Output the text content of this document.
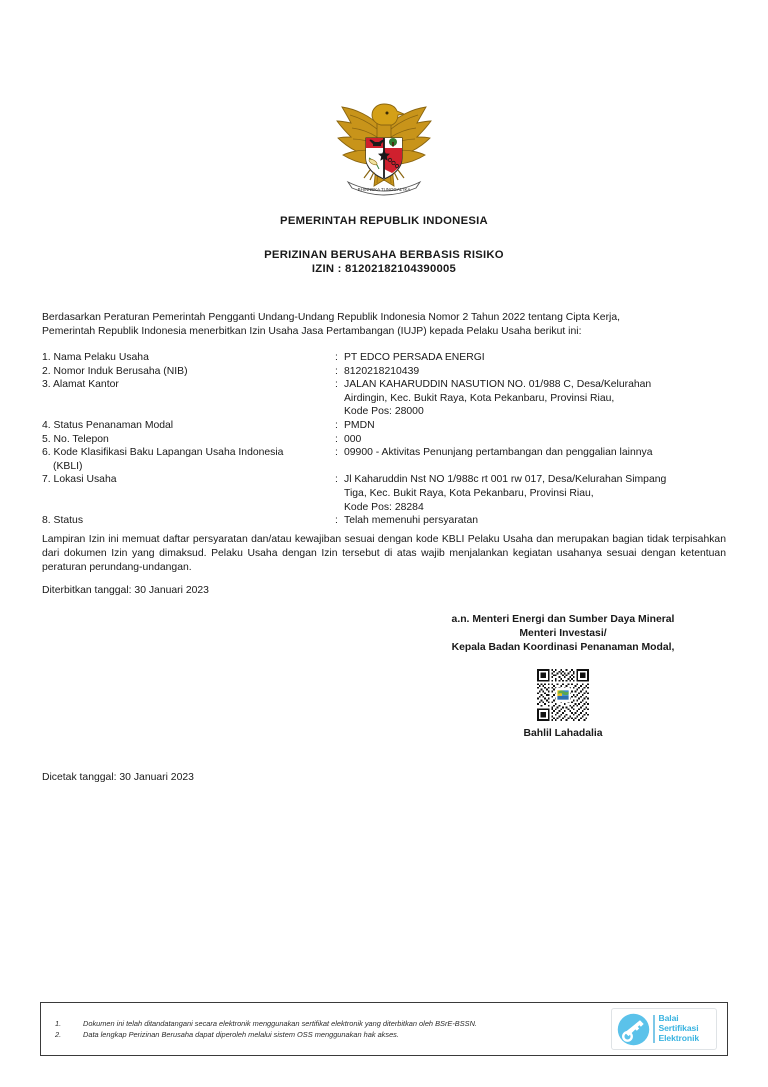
BHINNEKA TUNGGAL IKA
PEMERINTAH REPUBLIK INDONESIA
PERIZINAN BERUSAHA BERBASIS RISIKO
IZIN : 81202182104390005
Berdasarkan Peraturan Pemerintah Pengganti Undang-Undang Republik Indonesia Nomor 2 Tahun 2022 tentang Cipta Kerja,
Pemerintah Republik Indonesia menerbitkan Izin Usaha Jasa Pertambangan (IUJP) kepada Pelaku Usaha berikut ini:
1. Nama Pelaku Usaha	:	PT EDCO PERSADA ENERGI
2. Nomor Induk Berusaha (NIB)	:	8120218210439
3. Alamat Kantor	:	JALAN KAHARUDDIN NASUTION NO. 01/988 C, Desa/Kelurahan
Airdingin, Kec. Bukit Raya, Kota Pekanbaru, Provinsi Riau,
Kode Pos: 28000

4. Status Penanaman Modal	:	PMDN
5. No. Telepon	:	000

6. Kode Klasifikasi Baku Lapangan Usaha Indonesia
(KBLI)	:	09900 - Aktivitas Penunjang pertambangan dan penggalian lainnya
7. Lokasi Usaha	:	Jl Kaharuddin Nst NO 1/988c rt 001 rw 017, Desa/Kelurahan Simpang
Tiga, Kec. Bukit Raya, Kota Pekanbaru, Provinsi Riau,
Kode Pos: 28284

8. Status	:	Telah memenuhi persyaratan
Lampiran Izin ini memuat daftar persyaratan dan/atau kewajiban sesuai dengan kode KBLI Pelaku Usaha dan merupakan bagian tidak terpisahkan dari dokumen Izin yang dimaksud. Pelaku Usaha dengan Izin tersebut di atas wajib menjalankan kegiatan usahanya sesuai dengan ketentuan peraturan perundang-undangan.
Diterbitkan tanggal: 30 Januari 2023
a.n. Menteri Energi dan Sumber Daya Mineral
Menteri Investasi/
Kepala Badan Koordinasi Penanaman Modal,
Bahlil Lahadalia
Dicetak tanggal: 30 Januari 2023
1.	Dokumen ini telah ditandatangani secara elektronik menggunakan sertifikat elektronik yang diterbitkan oleh BSrE-BSSN.
2.	Data lengkap Perizinan Berusaha dapat diperoleh melalui sistem OSS menggunakan hak akses.
Balai
Sertifikasi
Elektronik
